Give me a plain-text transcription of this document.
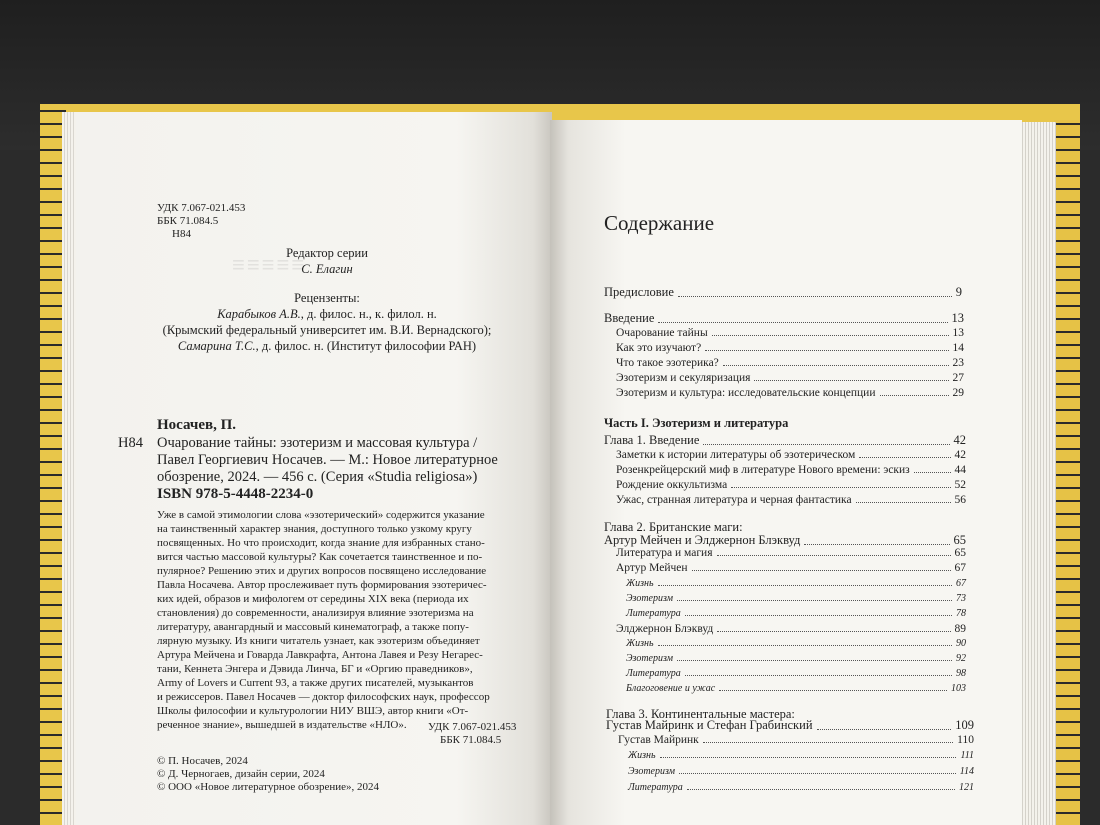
≡≡≡≡≡
УДК 7.067-021.453
ББК 71.084.5
Н84
Редактор серии
С. Елагин
Рецензенты:
Карабыков А.В., д. филос. н., к. филол. н.
(Крымский федеральный университет им. В.И. Вернадского);
Самарина Т.С., д. филос. н. (Институт философии РАН)
Носачев, П.
Н84 Очарование тайны: эзотеризм и массовая культура /
Павел Георгиевич Носачев. — М.: Новое литературное
обозрение, 2024. — 456 с. (Серия «Studia religiosa»)
ISBN 978-5-4448-2234-0
Уже в самой этимологии слова «эзотерический» содержится указание
на таинственный характер знания, доступного только узкому кругу
посвященных. Но что происходит, когда знание для избранных стано-
вится частью массовой культуры? Как сочетается таинственное и по-
пулярное? Решению этих и других вопросов посвящено исследование
Павла Носачева. Автор прослеживает путь формирования эзотеричес-
ких идей, образов и мифологем от середины XIX века (периода их
становления) до современности, анализируя влияние эзотеризма на
литературу, авангардный и массовый кинематограф, а также попу-
лярную музыку. Из книги читатель узнает, как эзотеризм объединяет
Артура Мейчена и Говарда Лавкрафта, Антона Лавея и Резу Негарес-
тани, Кеннета Энгера и Дэвида Линча, БГ и «Оргию праведников»,
Army of Lovers и Current 93, а также других писателей, музыкантов
и режиссеров. Павел Носачев — доктор философских наук, профессор
Школы философии и культурологии НИУ ВШЭ, автор книги «От-
реченное знание», вышедшей в издательстве «НЛО». УДК 7.067-021.453
ББК 71.084.5
© П. Носачев, 2024
© Д. Черногаев, дизайн серии, 2024
© ООО «Новое литературное обозрение», 2024
Содержание
Предисловие	9
Введение	13
Очарование тайны	13
Как это изучают?	14
Что такое эзотерика?	23
Эзотеризм и секуляризация	27
Эзотеризм и культура: исследовательские концепции	29
Часть I. Эзотеризм и литература
Глава 1. Введение	42
Заметки к истории литературы об эзотерическом	42
Розенкрейцерский миф в литературе Нового времени: эскиз	44
Рождение оккультизма	52
Ужас, странная литература и черная фантастика	56
Глава 2. Британские маги:
Артур Мейчен и Элджернон Блэквуд	65
Литература и магия	65
Артур Мейчен	67
Жизнь	67
Эзотеризм	73
Литература	78
Элджернон Блэквуд	89
Жизнь	90
Эзотеризм	92
Литература	98
Благоговение и ужас	103
Глава 3. Континентальные мастера:
Густав Майринк и Стефан Грабинский	109
Густав Майринк	110
Жизнь	111
Эзотеризм	114
Литература	121
